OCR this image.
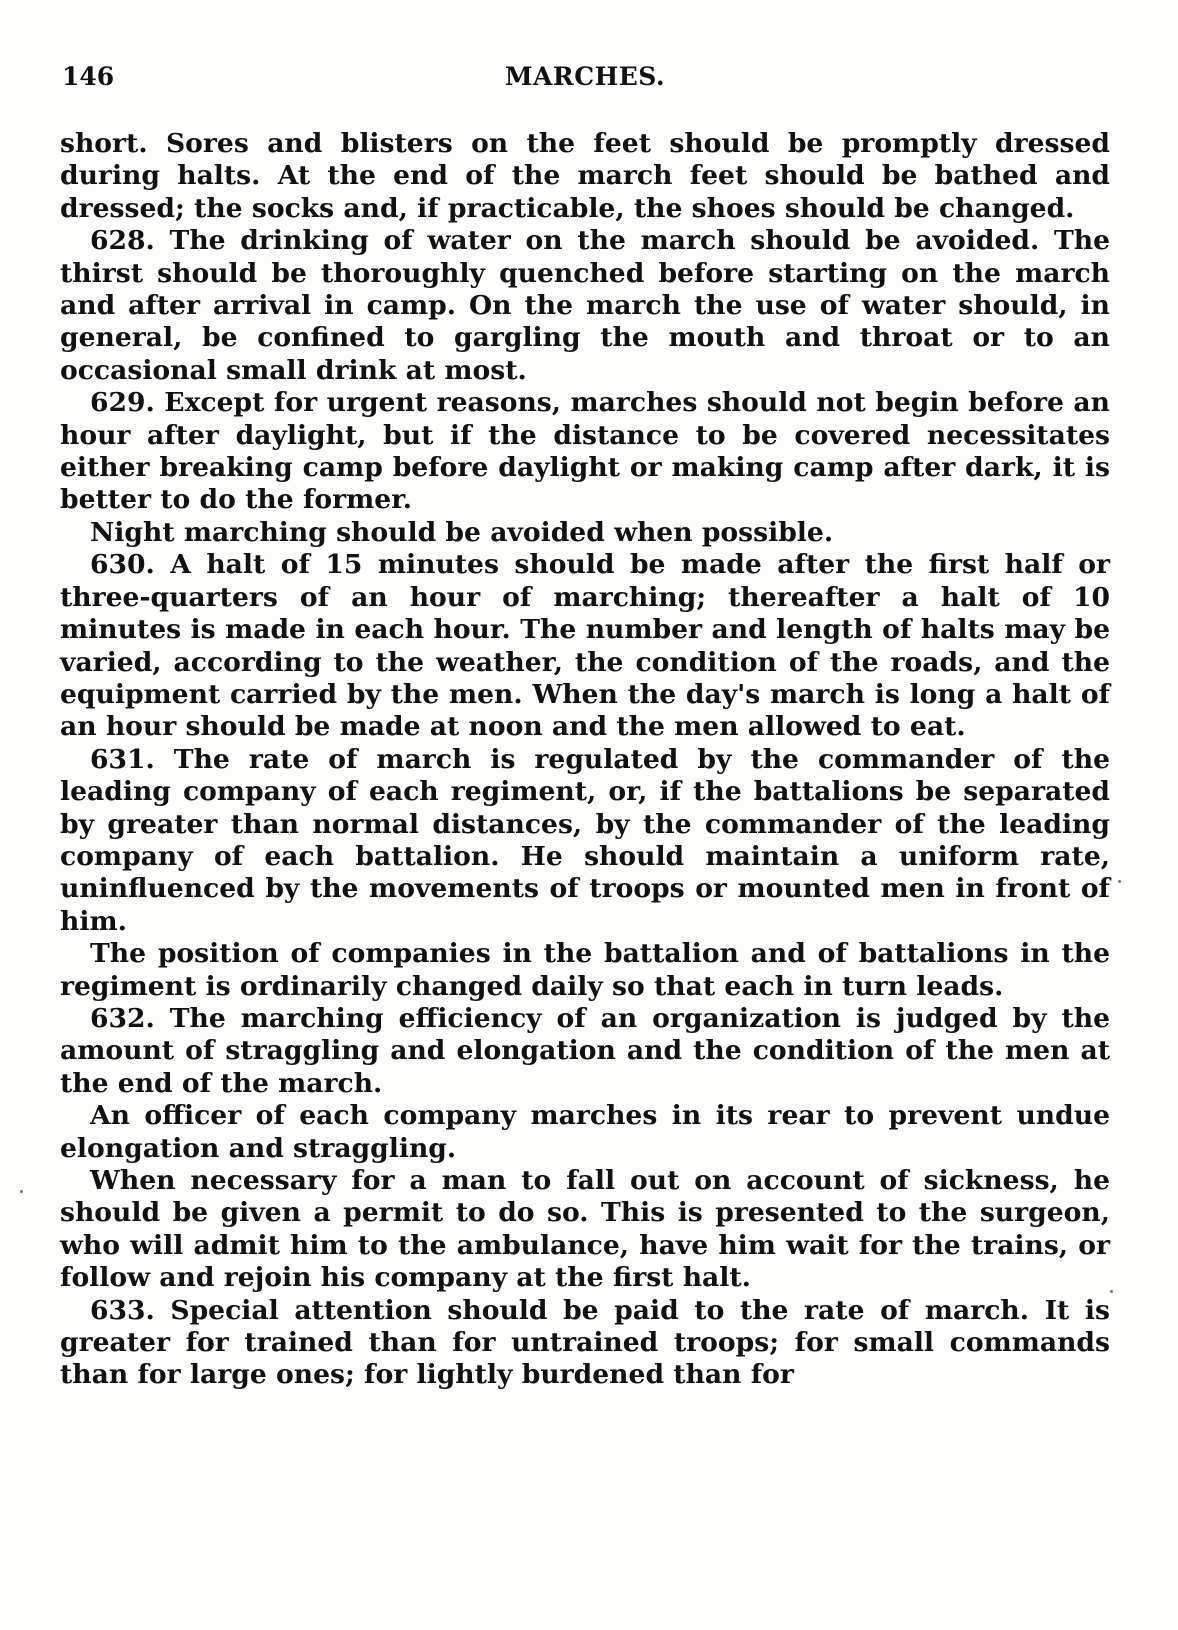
146	MARCHES.

short. Sores and blisters on the feet should be promptly dressed during halts. At the end of the march feet should be bathed and dressed; the socks and, if practicable, the shoes should be changed.

628. The drinking of water on the march should be avoided. The thirst should be thoroughly quenched before starting on the march and after arrival in camp. On the march the use of water should, in general, be confined to gargling the mouth and throat or to an occasional small drink at most.

629. Except for urgent reasons, marches should not begin before an hour after daylight, but if the distance to be covered necessitates either breaking camp before daylight or making camp after dark, it is better to do the former.

Night marching should be avoided when possible.

630. A halt of 15 minutes should be made after the first half or three-quarters of an hour of marching; thereafter a halt of 10 minutes is made in each hour. The number and length of halts may be varied, according to the weather, the condition of the roads, and the equipment carried by the men. When the day's march is long a halt of an hour should be made at noon and the men allowed to eat.

631. The rate of march is regulated by the commander of the leading company of each regiment, or, if the battalions be separated by greater than normal distances, by the commander of the leading company of each battalion. He should maintain a uniform rate, uninfluenced by the movements of troops or mounted men in front of him.

The position of companies in the battalion and of battalions in the regiment is ordinarily changed daily so that each in turn leads.

632. The marching efficiency of an organization is judged by the amount of straggling and elongation and the condition of the men at the end of the march.

An officer of each company marches in its rear to prevent undue elongation and straggling.

When necessary for a man to fall out on account of sickness, he should be given a permit to do so. This is presented to the surgeon, who will admit him to the ambulance, have him wait for the trains, or follow and rejoin his company at the first halt.

633. Special attention should be paid to the rate of march. It is greater for trained than for untrained troops; for small commands than for large ones; for lightly burdened than for
